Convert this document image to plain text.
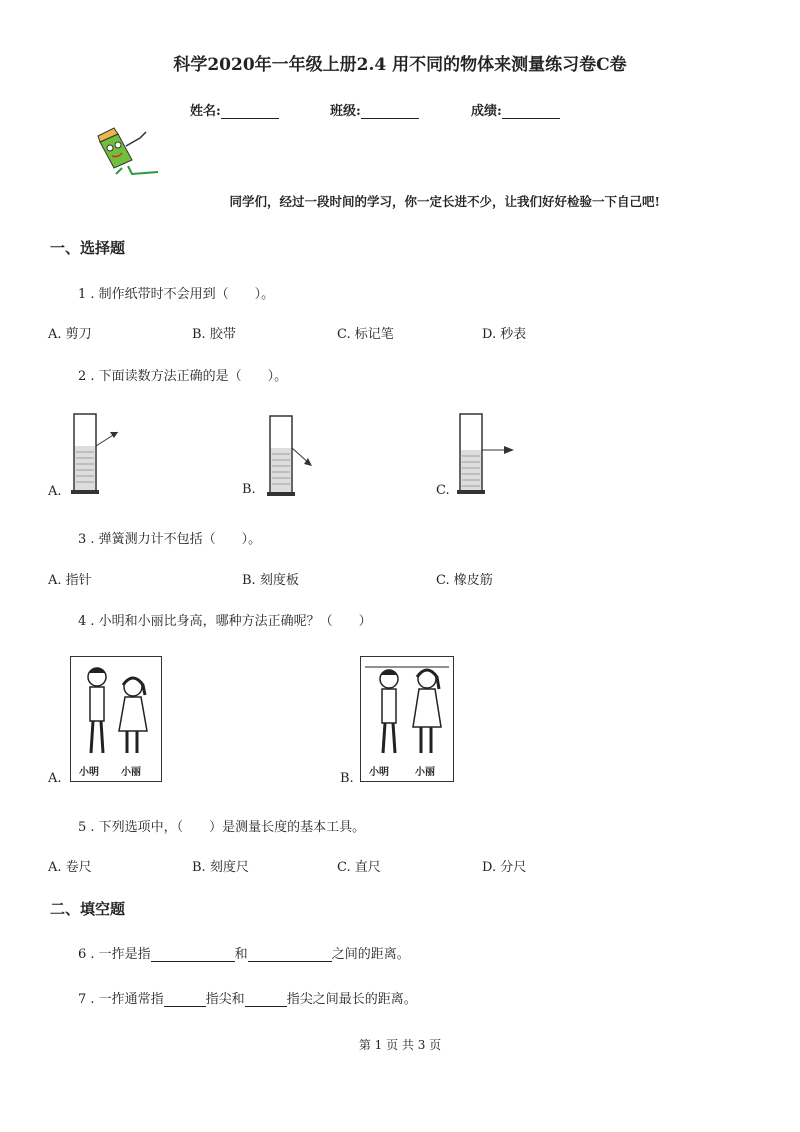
科学2020年一年级上册2.4 用不同的物体来测量练习卷C卷
姓名:	班级:	成绩:
同学们，经过一段时间的学习，你一定长进不少，让我们好好检验一下自己吧!
一、选择题
1 . 制作纸带时不会用到（　　）。
A. 剪刀	B. 胶带	C. 标记笔	D. 秒表
2 . 下面读数方法正确的是（　　）。
A.	B.	C.
3 . 弹簧测力计不包括（　　）。
A. 指针	B. 刻度板	C. 橡皮筋
4 . 小明和小丽比身高，哪种方法正确呢？（　　）
A. 小明 小丽	B. 小明	小丽
5 . 下列选项中，（　　）是测量长度的基本工具。
A. 卷尺	B. 刻度尺	C. 直尺	D. 分尺
二、填空题
6 . 一拃是指	和	之间的距离。
7 . 一拃通常指	指尖和	指尖之间最长的距离。
第 1 页 共 3 页
